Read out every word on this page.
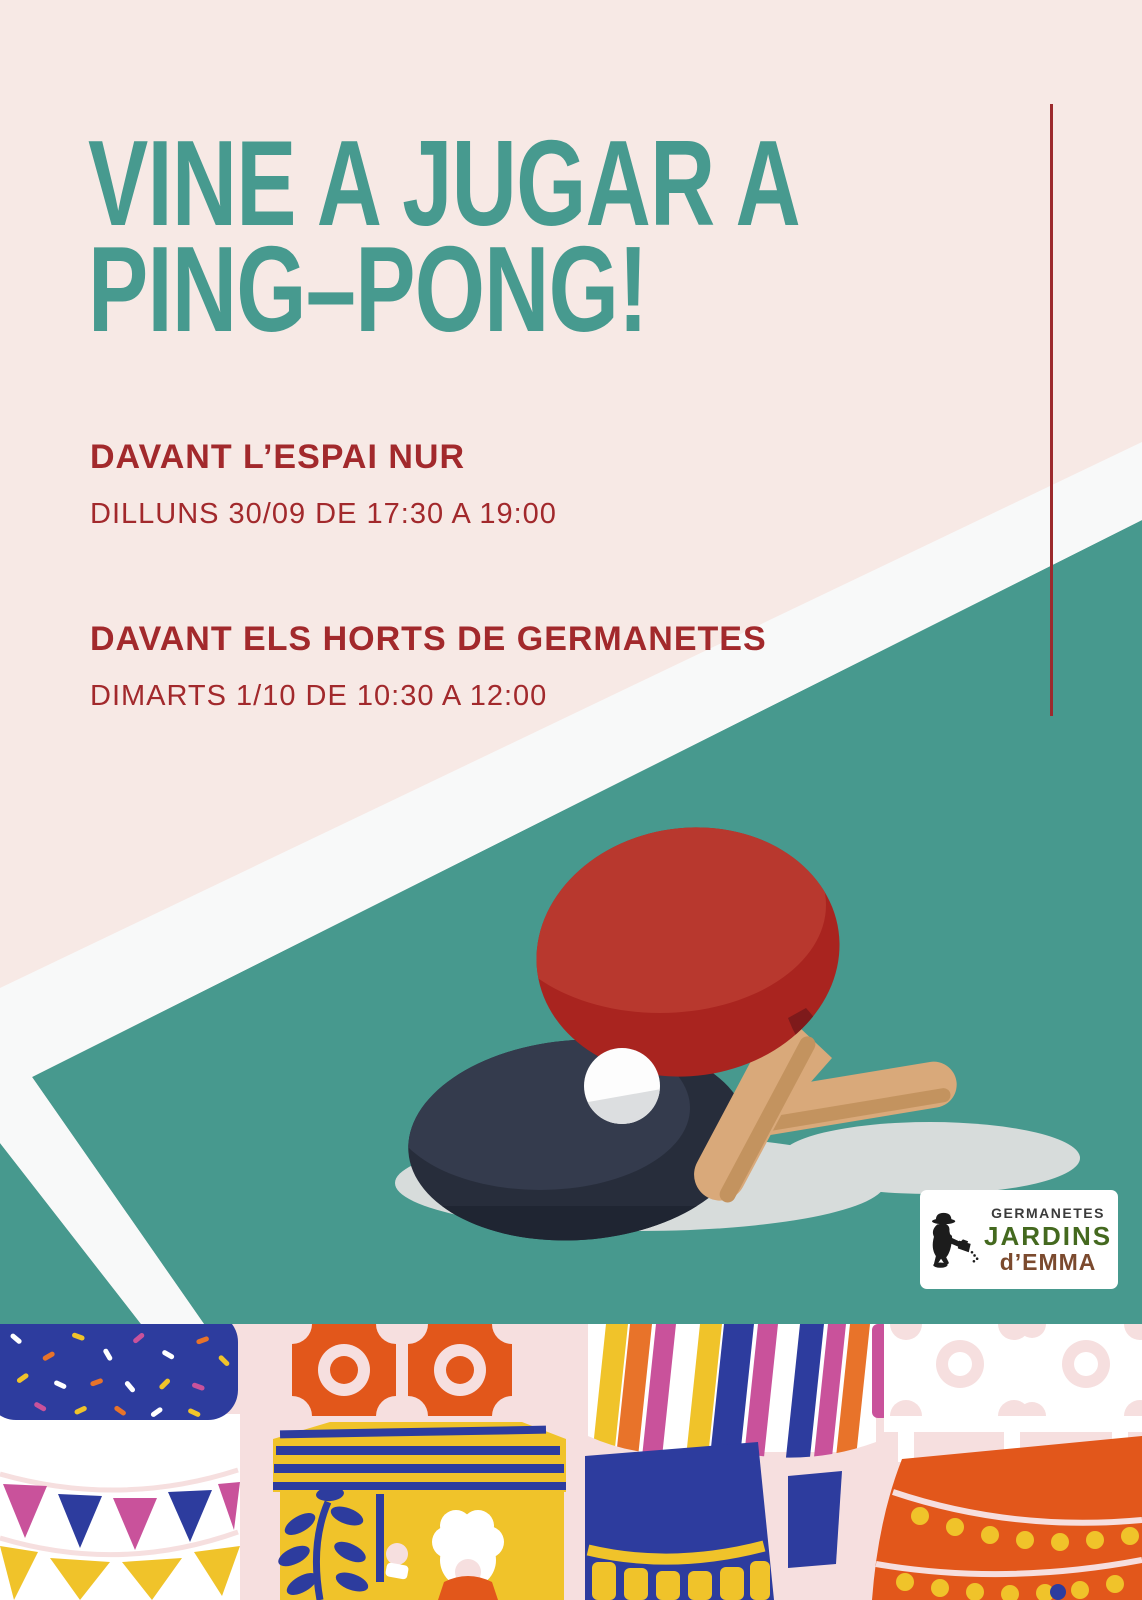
VINE A JUGAR A
PING–PONG!
DAVANT L’ESPAI NUR
DILLUNS 30/09 DE 17:30 A 19:00
DAVANT ELS HORTS DE GERMANETES
DIMARTS 1/10 DE 10:30 A 12:00
GERMANETES
JARDINS
d’EMMA
